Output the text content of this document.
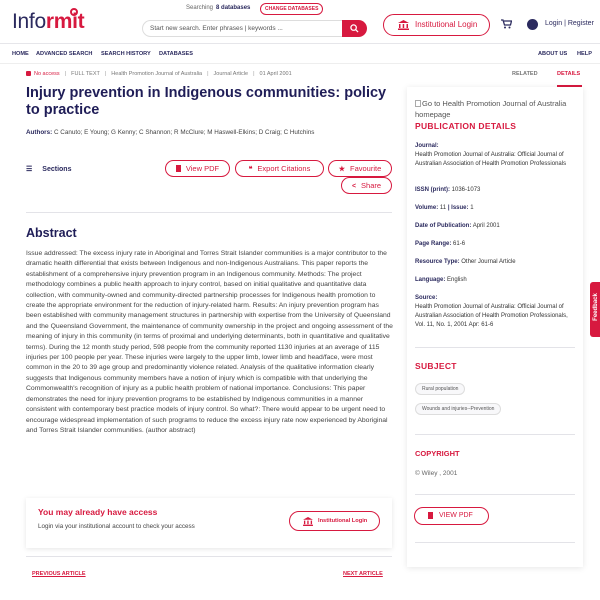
Informit
Searching 8 databases	CHANGE DATABASES
Start new search. Enter phrases | keywords ...	Institutional Login	Login | Register
HOME ADVANCED SEARCH SEARCH HISTORY DATABASES	ABOUT US HELP
No access | FULL TEXT | Health Promotion Journal of Australia | Journal Article | 01 April 2001
Injury prevention in Indigenous communities: policy to practice
Authors: C Canuto; E Young; G Kenny; C Shannon; R McClure; M Haswell-Elkins; D Craig; C Hutchins
☰ Sections	View PDF	❝ Export Citations	★ Favourite
< Share
Abstract

Issue addressed: The excess injury rate in Aboriginal and Torres Strait Islander communities is a major contributor to the dramatic health differential that exists between Indigenous and non-Indigenous Australians. This paper reports the establishment of a comprehensive injury prevention program in an Indigenous community. Methods: The project methodology combines a public health approach to injury control, based on initial qualitative and quantitative data collection, with community-owned and community-directed partnership processes for Indigenous health promotion to create the appropriate environment for the reduction of injury-related harm. Results: An injury prevention program has been established with community management structures in partnership with expertise from the University of Queensland and the Queensland Government, the maintenance of community ownership in the project and ongoing assessment of the meaning of injury in this community (in terms of proximal and underlying determinants, both in quantitative and qualitative terms). During the 12 month study period, 598 people from the community reported 1130 injuries at an average of 115 injuries per 100 people per year. These injuries were largely to the upper limb, lower limb and head/face, were most common in the 20 to 39 age group and predominantly violence related. Analysis of the qualitative information clearly suggests that Indigenous community members have a notion of injury which is compatible with that underlying the Commonwealth's recognition of injury as a public health problem of national importance. Conclusions: This paper demonstrates the need for injury prevention programs to be established by Indigenous communities in a manner consistent with contemporary best practice models of injury control. So what?: There would appear to be urgent need to encourage widespread implementation of such programs to reduce the excess injury rate now experienced by Aboriginal and Torres Strait Islander communities. (author abstract)

You may already have access
Login via your institutional account to check your access
Institutional Login
PREVIOUS ARTICLE	NEXT ARTICLE
RELATED	DETAILS
Go to Health Promotion Journal of Australia homepage
PUBLICATION DETAILS
Journal:
Health Promotion Journal of Australia: Official Journal of Australian Association of Health Promotion Professionals
ISSN (print): 1036-1073
Volume: 11 | Issue: 1
Date of Publication: April 2001
Page Range: 61-6
Resource Type: Other Journal Article
Language: English
Source:
Health Promotion Journal of Australia: Official Journal of Australian Association of Health Promotion Professionals, Vol. 11, No. 1, 2001 Apr: 61-6
SUBJECT
Rural population
Wounds and injuries--Prevention
COPYRIGHT
© Wiley , 2001
VIEW PDF
Feedback
